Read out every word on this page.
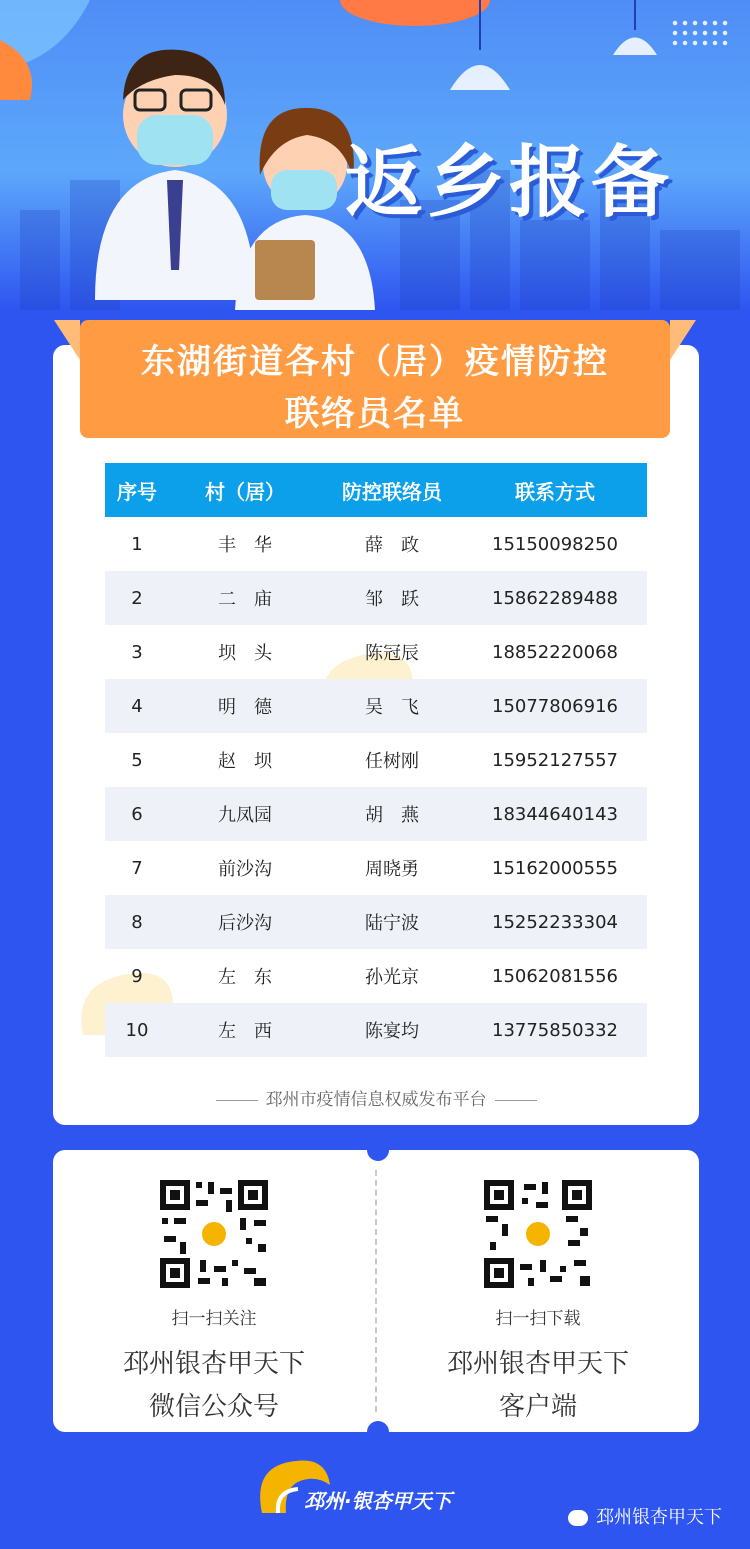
返乡报备
序号	村（居）	防控联络员	联系方式
1	丰　华	薛　政	15150098250
2	二　庙	邹　跃	15862289488
3	坝　头	陈冠辰	18852220068
4	明　德	吴　飞	15077806916
5	赵　坝	任树刚	15952127557
6	九凤园	胡　燕	18344640143
7	前沙沟	周晓勇	15162000555
8	后沙沟	陆宁波	15252233304
9	左　东	孙光京	15062081556
10	左　西	陈宴均	13775850332
邳州市疫情信息权威发布平台
东湖街道各村（居）疫情防控
联络员名单
扫一扫关注
邳州银杏甲天下
微信公众号
扫一扫下载
邳州银杏甲天下
客户端
邳州·银杏甲天下
邳州银杏甲天下
